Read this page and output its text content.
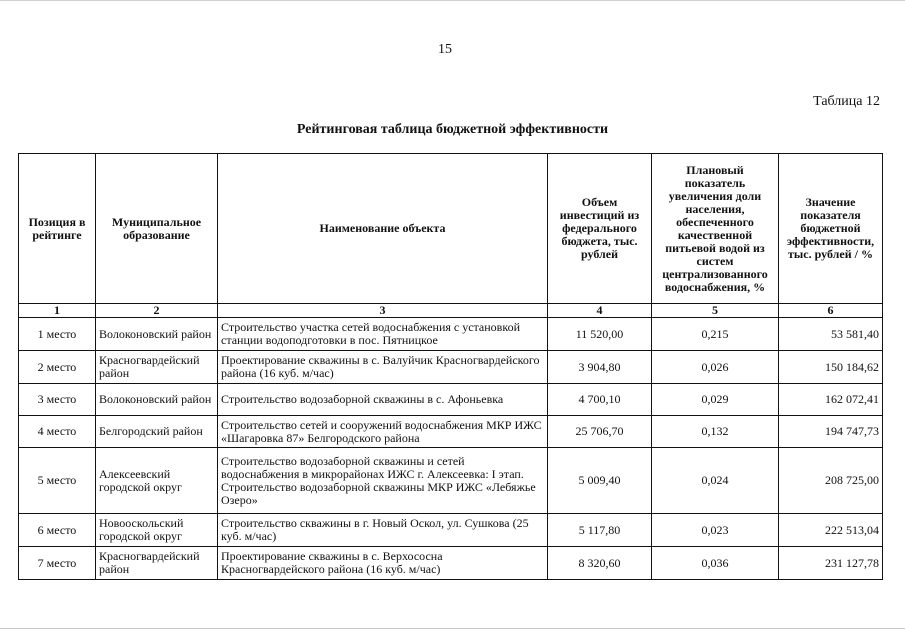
15
Таблица 12
Рейтинговая таблица бюджетной эффективности
Позиция в рейтинге	Муниципальное образование	Наименование объекта	Объем инвестиций из федерального бюджета, тыс. рублей	Плановый показатель увеличения доли населения, обеспеченного качественной питьевой водой из систем централизованного водоснабжения, %	Значение показателя бюджетной эффективности, тыс. рублей / %
1	2	3	4	5	6
1 место	Волоконовский район	Строительство участка сетей водоснабжения с установкой станции водоподготовки в пос. Пятницкое	11 520,00	0,215	53 581,40
2 место	Красногвардейский район	Проектирование скважины в с. Валуйчик Красногвардейского района (16 куб. м/час)	3 904,80	0,026	150 184,62
3 место	Волоконовский район	Строительство водозаборной скважины в с. Афоньевка	4 700,10	0,029	162 072,41
4 место	Белгородский район	Строительство сетей и сооружений водоснабжения МКР ИЖС «Шагаровка 87» Белгородского района	25 706,70	0,132	194 747,73
5 место	Алексеевский городской округ	Строительство водозаборной скважины и сетей водоснабжения в микрорайонах ИЖС г. Алексеевка: I этап. Строительство водозаборной скважины МКР ИЖС «Лебяжье Озеро»	5 009,40	0,024	208 725,00
6 место	Новооскольский городской округ	Строительство скважины в г. Новый Оскол, ул. Сушкова (25 куб. м/час)	5 117,80	0,023	222 513,04
7 место	Красногвардейский район	Проектирование скважины в с. Верхососна Красногвардейского района (16 куб. м/час)	8 320,60	0,036	231 127,78
